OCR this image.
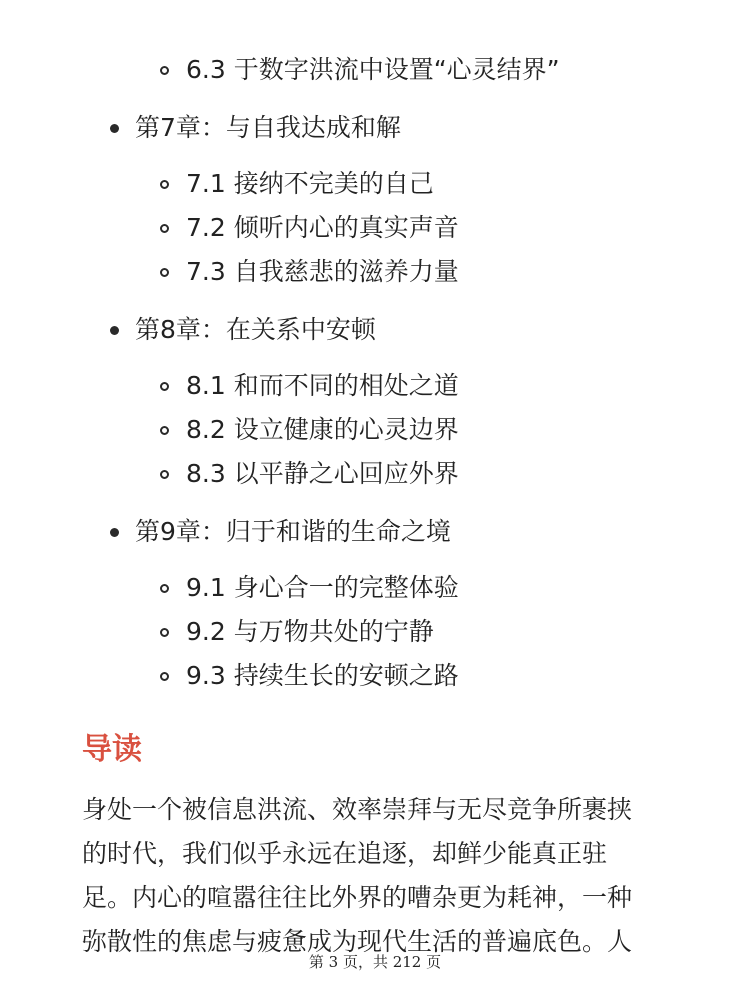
6.3 于数字洪流中设置“心灵结界”
第7章：与自我达成和解
7.1 接纳不完美的自己
7.2 倾听内心的真实声音
7.3 自我慈悲的滋养力量
第8章：在关系中安顿
8.1 和而不同的相处之道
8.2 设立健康的心灵边界
8.3 以平静之心回应外界
第9章：归于和谐的生命之境
9.1 身心合一的完整体验
9.2 与万物共处的宁静
9.3 持续生长的安顿之路
导读

身处一个被信息洪流、效率崇拜与无尽竞争所裹挟
的时代，我们似乎永远在追逐，却鲜少能真正驻
足。内心的喧嚣往往比外界的嘈杂更为耗神，一种
弥散性的焦虑与疲惫成为现代生活的普遍底色。人

第 3 页，共 212 页
